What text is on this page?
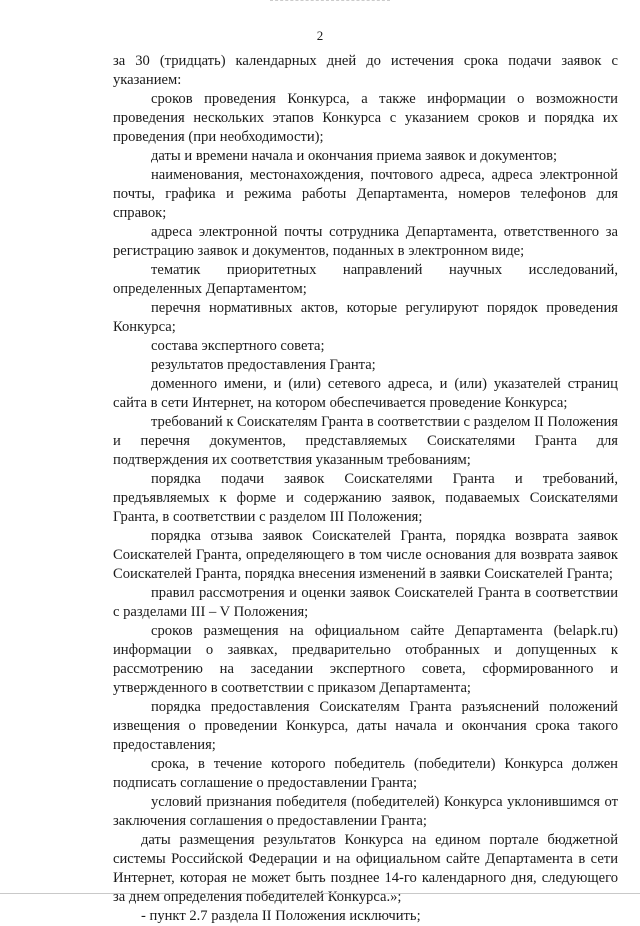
2

за 30 (тридцать) календарных дней до истечения срока подачи заявок с указанием:

сроков проведения Конкурса, а также информации о возможности проведения нескольких этапов Конкурса с указанием сроков и порядка их проведения (при необходимости);

даты и времени начала и окончания приема заявок и документов;

наименования, местонахождения, почтового адреса, адреса электронной почты, графика и режима работы Департамента, номеров телефонов для справок;

адреса электронной почты сотрудника Департамента, ответственного за регистрацию заявок и документов, поданных в электронном виде;

тематик приоритетных направлений научных исследований, определенных Департаментом;

перечня нормативных актов, которые регулируют порядок проведения Конкурса;

состава экспертного совета;

результатов предоставления Гранта;

доменного имени, и (или) сетевого адреса, и (или) указателей страниц сайта в сети Интернет, на котором обеспечивается проведение Конкурса;

требований к Соискателям Гранта в соответствии с разделом II Положения и перечня документов, представляемых Соискателями Гранта для подтверждения их соответствия указанным требованиям;

порядка подачи заявок Соискателями Гранта и требований, предъявляемых к форме и содержанию заявок, подаваемых Соискателями Гранта, в соответствии с разделом III Положения;

порядка отзыва заявок Соискателей Гранта, порядка возврата заявок Соискателей Гранта, определяющего в том числе основания для возврата заявок Соискателей Гранта, порядка внесения изменений в заявки Соискателей Гранта;

правил рассмотрения и оценки заявок Соискателей Гранта в соответствии с разделами III – V Положения;

сроков размещения на официальном сайте Департамента (belapk.ru) информации о заявках, предварительно отобранных и допущенных к рассмотрению на заседании экспертного совета, сформированного и утвержденного в соответствии с приказом Департамента;

порядка предоставления Соискателям Гранта разъяснений положений извещения о проведении Конкурса, даты начала и окончания срока такого предоставления;

срока, в течение которого победитель (победители) Конкурса должен подписать соглашение о предоставлении Гранта;

условий признания победителя (победителей) Конкурса уклонившимся от заключения соглашения о предоставлении Гранта;

даты размещения результатов Конкурса на едином портале бюджетной системы Российской Федерации и на официальном сайте Департамента в сети Интернет, которая не может быть позднее 14-го календарного дня, следующего за днем определения победителей Конкурса.»;

- пункт 2.7 раздела II Положения исключить;
